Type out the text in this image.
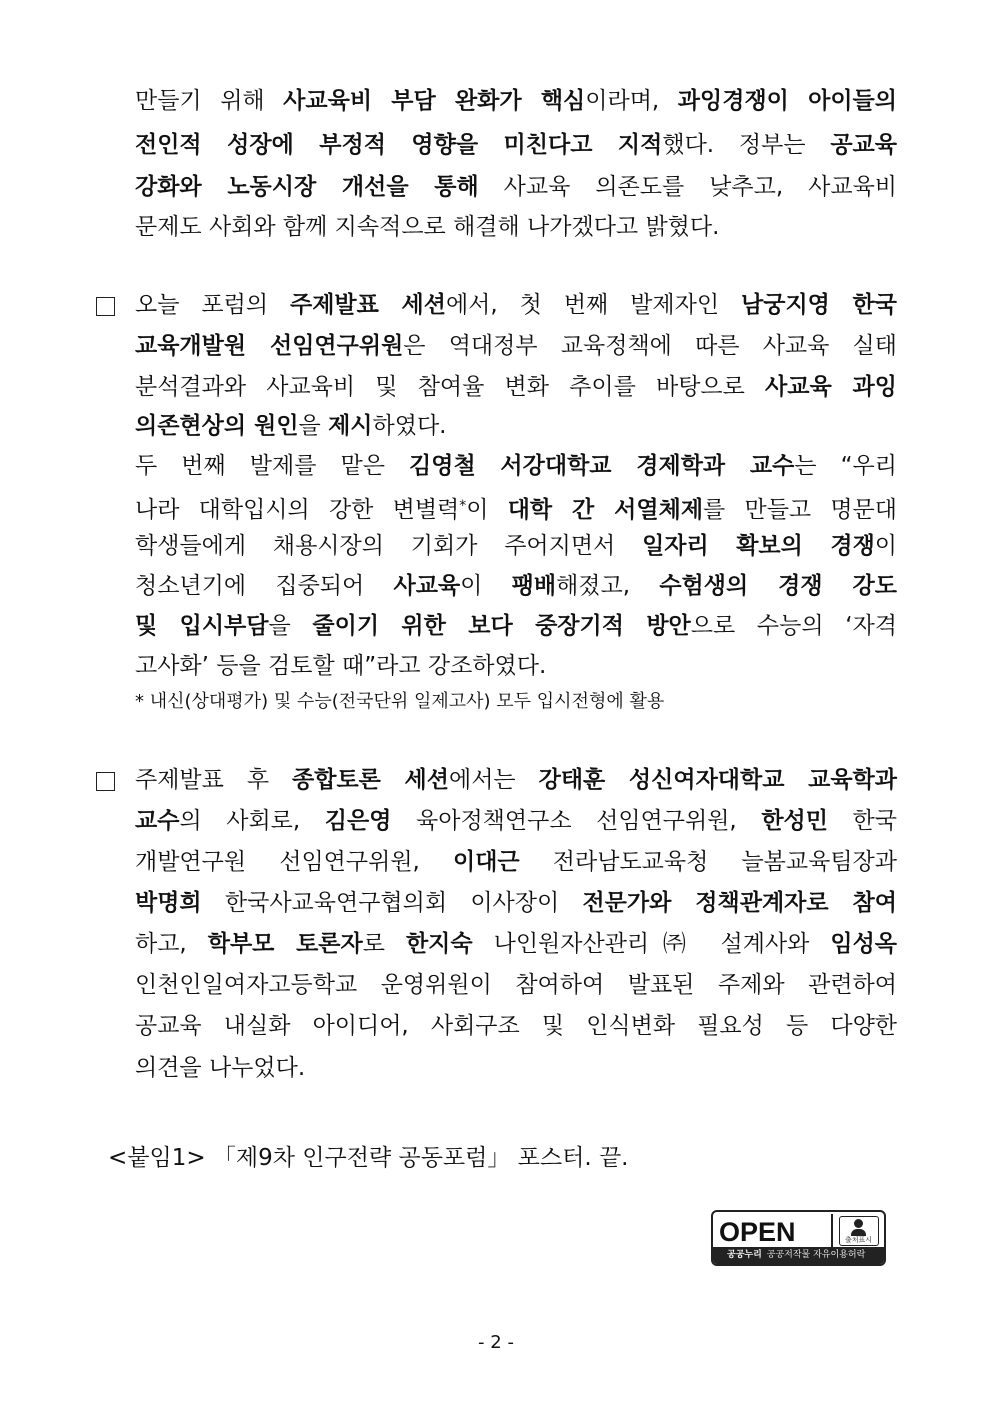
만들기 위해 사교육비 부담 완화가 핵심이라며, 과잉경쟁이 아이들의
전인적 성장에 부정적 영향을 미친다고 지적했다. 정부는 공교육
강화와 노동시장 개선을 통해 사교육 의존도를 낮추고, 사교육비
문제도 사회와 함께 지속적으로 해결해 나가겠다고 밝혔다.
오늘 포럼의 주제발표 세션에서, 첫 번째 발제자인 남궁지영 한국
교육개발원 선임연구위원은 역대정부 교육정책에 따른 사교육 실태
분석결과와 사교육비 및 참여율 변화 추이를 바탕으로 사교육 과잉
의존현상의 원인을 제시하였다.
두 번째 발제를 맡은 김영철 서강대학교 경제학과 교수는 “우리
나라 대학입시의 강한 변별력*이 대학 간 서열체제를 만들고 명문대
학생들에게 채용시장의 기회가 주어지면서 일자리 확보의 경쟁이
청소년기에 집중되어 사교육이 팽배해졌고, 수험생의 경쟁 강도
및 입시부담을 줄이기 위한 보다 중장기적 방안으로 수능의 ‘자격
고사화’ 등을 검토할 때”라고 강조하였다.
* 내신(상대평가) 및 수능(전국단위 일제고사) 모두 입시전형에 활용
주제발표 후 종합토론 세션에서는 강태훈 성신여자대학교 교육학과
교수의 사회로, 김은영 육아정책연구소 선임연구위원, 한성민 한국
개발연구원 선임연구위원, 이대근 전라남도교육청 늘봄교육팀장과
박명희 한국사교육연구협의회 이사장이 전문가와 정책관계자로 참여
하고, 학부모 토론자로 한지숙 나인원자산관리㈜ 설계사와 임성옥
인천인일여자고등학교 운영위원이 참여하여 발표된 주제와 관련하여
공교육 내실화 아이디어, 사회구조 및 인식변화 필요성 등 다양한
의견을 나누었다.
<붙임1> 「제9차 인구전략 공동포럼」 포스터. 끝.
OPEN	출처표시
공공누리 공공저작물 자유이용허락
- 2 -
